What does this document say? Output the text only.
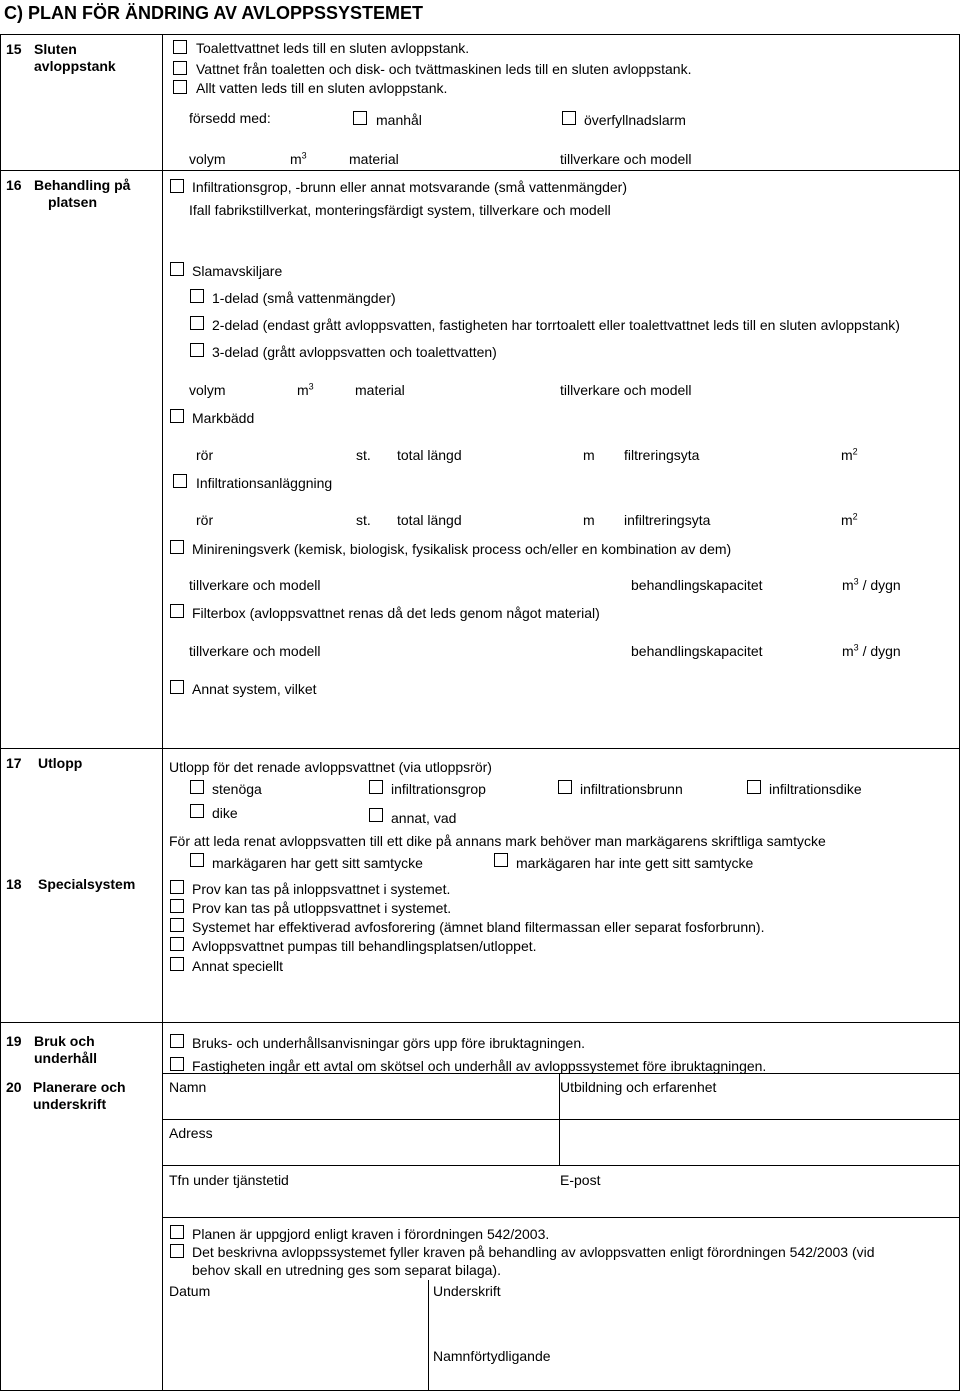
C) PLAN FÖR ÄNDRING AV AVLOPPSSYSTEMET
15 Sluten
avloppstank
Toalettvattnet leds till en sluten avloppstank.
Vattnet från toaletten och disk- och tvättmaskinen leds till en sluten avloppstank.
Allt vatten leds till en sluten avloppstank.
försedd med:	manhål	överfyllnadslarm
volym	$m^3$	material	tillverkare och modell
16 Behandling på
platsen
Infiltrationsgrop, -brunn eller annat motsvarande (små vattenmängder)
Ifall fabrikstillverkat, monteringsfärdigt system, tillverkare och modell
Slamavskiljare
1-delad (små vattenmängder)
2-delad (endast grått avloppsvatten, fastigheten har torrtoalett eller toalettvattnet leds till en sluten avloppstank)
3-delad (grått avloppsvatten och toalettvatten)
volym	$m^3$	material	tillverkare och modell
Markbädd
rör	st. total längd	m filtreringsyta	$m^2$
Infiltrationsanläggning
rör	st. total längd	m infiltreringsyta	$m^2$
Minireningsverk (kemisk, biologisk, fysikalisk process och/eller en kombination av dem)
tillverkare och modell	behandlingskapacitet	$m^3$ / dygn
Filterbox (avloppsvattnet renas då det leds genom något material)
tillverkare och modell	behandlingskapacitet	$m^3$ / dygn
Annat system, vilket
17 Utlopp	Utlopp för det renade avloppsvattnet (via utloppsrör)
stenöga	infiltrationsgrop	infiltrationsbrunn	infiltrationsdike
dike	annat, vad
För att leda renat avloppsvatten till ett dike på annans mark behöver man markägarens skriftliga samtycke
markägaren har gett sitt samtycke	markägaren har inte gett sitt samtycke
18 Specialsystem	Prov kan tas på inloppsvattnet i systemet.
Prov kan tas på utloppsvattnet i systemet.
Systemet har effektiverad avfosforering (ämnet bland filtermassan eller separat fosforbrunn).
Avloppsvattnet pumpas till behandlingsplatsen/utloppet.
Annat speciellt
19 Bruk och
underhåll
Bruks- och underhållsanvisningar görs upp före ibruktagningen.
Fastigheten ingår ett avtal om skötsel och underhåll av avloppssystemet före ibruktagningen.
20 Planerare och
underskrift
Namn	Utbildning och erfarenhet
Adress
Tfn under tjänstetid	E-post
Planen är uppgjord enligt kraven i förordningen 542/2003.
Det beskrivna avloppssystemet fyller kraven på behandling av avloppsvatten enligt förordningen 542/2003 (vid
behov skall en utredning ges som separat bilaga).
Datum	Underskrift
Namnförtydligande
